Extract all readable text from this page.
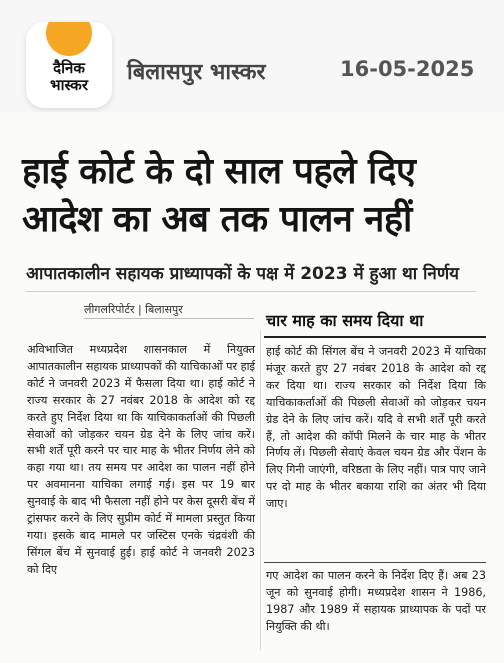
दैनिक भास्कर	बिलासपुर भास्कर	16-05-2025
हाई कोर्ट के दो साल पहले दिए
आदेश का अब तक पालन नहीं
आपातकालीन सहायक प्राध्यापकों के पक्ष में 2023 में हुआ था निर्णय
लीगलरिपोर्टर | बिलासपुर
चार माह का समय दिया था
अविभाजित मध्यप्रदेश शासनकाल में नियुक्त आपातकालीन सहायक प्राध्यापकों की याचिकाओं पर हाई कोर्ट ने जनवरी 2023 में फैसला दिया था। हाई कोर्ट ने राज्य सरकार के 27 नवंबर 2018 के आदेश को रद्द करते हुए निर्देश दिया था कि याचिकाकर्ताओं की पिछली सेवाओं को जोड़कर चयन ग्रेड देने के लिए जांच करें। सभी शर्तें पूरी करने पर चार माह के भीतर निर्णय लेने को कहा गया था। तय समय पर आदेश का पालन नहीं होने पर अवमानना याचिका लगाई गई। इस पर 19 बार सुनवाई के बाद भी फैसला नहीं होने पर केस दूसरी बेंच में ट्रांसफर करने के लिए सुप्रीम कोर्ट में मामला प्रस्तुत किया गया। इसके बाद मामले पर जस्टिस एनके चंद्रवंशी की सिंगल बेंच में सुनवाई हुई। हाई कोर्ट ने जनवरी 2023 को दिए
हाई कोर्ट की सिंगल बेंच ने जनवरी 2023 में याचिका मंजूर करते हुए 27 नवंबर 2018 के आदेश को रद्द कर दिया था। राज्य सरकार को निर्देश दिया कि याचिकाकर्ताओं की पिछली सेवाओं को जोड़कर चयन ग्रेड देने के लिए जांच करें। यदि वे सभी शर्तें पूरी करते हैं, तो आदेश की कॉपी मिलने के चार माह के भीतर निर्णय लें। पिछली सेवाएं केवल चयन ग्रेड और पेंशन के लिए गिनी जाएंगी, वरिष्ठता के लिए नहीं। पात्र पाए जाने पर दो माह के भीतर बकाया राशि का अंतर भी दिया जाए।
गए आदेश का पालन करने के निर्देश दिए हैं। अब 23 जून को सुनवाई होगी। मध्यप्रदेश शासन ने 1986, 1987 और 1989 में सहायक प्राध्यापक के पदों पर नियुक्ति की थी।
